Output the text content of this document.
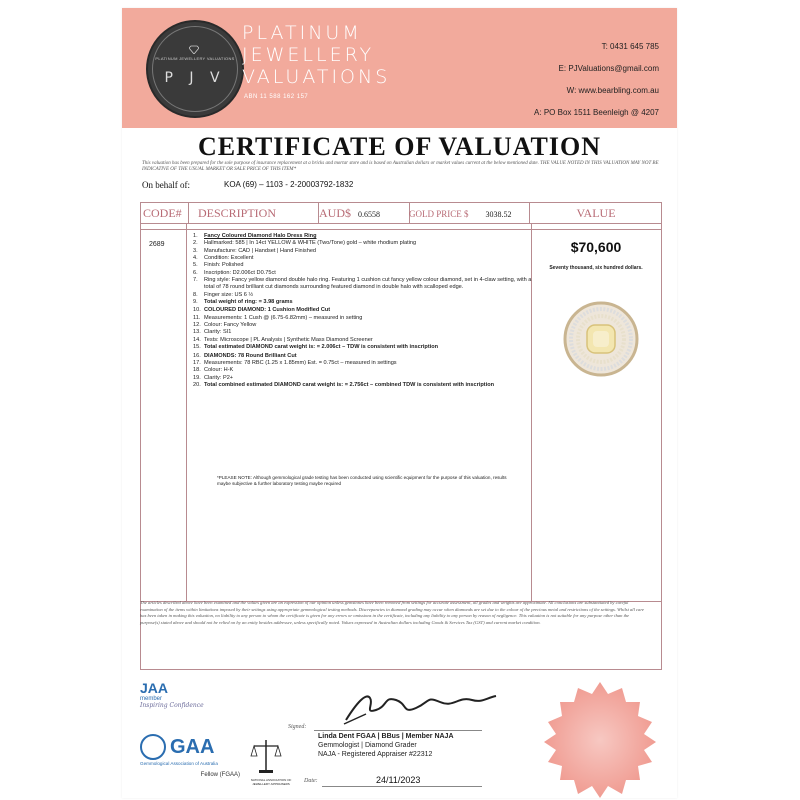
PLATINUM JEWELLERY VALUATIONS
P J V
PLATINUM
JEWELLERY
VALUATIONS
ABN 11 588 162 157
T: 0431 645 785
E: PJValuations@gmail.com
W: www.bearbling.com.au
A: PO Box 1511 Beenleigh @ 4207
CERTIFICATE OF VALUATION
This valuation has been prepared for the sole purpose of insurance replacement at a bricks and mortar store and is based on Australian dollars or market values current at the below mentioned date. THE VALUE NOTED IN THIS VALUATION MAY NOT BE INDICATIVE OF THE USUAL MARKET OR SALE PRICE OF THIS ITEM*
On behalf of:	KOA (69) – 1103 - 2-20003792-1832
CODE#	DESCRIPTION	AUD$ 0.6558	GOLD PRICE $ 3038.52	VALUE
2689
1.	Fancy Coloured Diamond Halo Dress Ring
2.	Hallmarked: 585 | In 14ct YELLOW & WHITE (Two/Tone) gold – white rhodium plating
3.	Manufacture: CAD | Handset | Hand Finished
4.	Condition: Excellent
5.	Finish: Polished
6.	Inscription: D2.006ct D0.75ct
7.	Ring style: Fancy yellow diamond double halo ring. Featuring 1 cushion cut fancy yellow colour diamond, set in 4-claw setting, with a total of 78 round brilliant cut diamonds surrounding featured diamond in double halo with scalloped edge.
8.	Finger size: US 6 ½
9.	Total weight of ring: = 3.98 grams
10. COLOURED DIAMOND: 1 Cushion Modified Cut
11. Measurements: 1 Cush @ (6.75-6.82mm) – measured in setting
12. Colour: Fancy Yellow
13. Clarity: SI1
14. Tests: Microscope | PL Analysis | Synthetic Mass Diamond Screener
15. Total estimated DIAMOND carat weight is: = 2.006ct – TDW is consistent with inscription
16. DIAMONDS: 78 Round Brilliant Cut
17. Measurements: 78 RBC (1.25 x 1.85mm) Est. = 0.75ct – measured in settings
18. Colour: H-K
19. Clarity: P2+
20. Total combined estimated DIAMOND carat weight is: = 2.756ct – combined TDW is consistent with inscription
$70,600
Seventy thousand, six hundred dollars.
*PLEASE NOTE: Although gemmological grade testing has been conducted using scientific equipment for the purpose of this valuation, results maybe subjective & further laboratory testing maybe required
The articles described above have been examined and the values given are an expression of our opinion unless gemstones have been removed from settings for accurate assessment, all grades and weights are approximate. All conclusions are substantiated by careful examination of the items within limitations imposed by their settings using appropriate gemmological testing methods. Discrepancies in diamond grading may occur when diamonds are set due to the colour of the precious metal and restrictions of the settings. Whilst all care has been taken in making this valuation, no liability to any person to whom the certificate is given for any errors or omissions in the certificate, including any liability to any person by reason of negligence. This valuation is not suitable for any purpose other than the purpose(s) stated above and should not be relied on by an entity besides addressee, unless specifically noted. Values expressed in Australian dollars including Goods & Services Tax (GST) and current market condition.
JAA
member
Inspiring Confidence
GAA
Gemmological Association of Australia
Fellow (FGAA)
NATIONAL ASSOCIATION OF JEWELLERY APPRAISERS
Signed:
Linda Dent FGAA | BBus | Member NAJA
Gemmologist | Diamond Grader
NAJA - Registered Appraiser #22312
Date:	24/11/2023
